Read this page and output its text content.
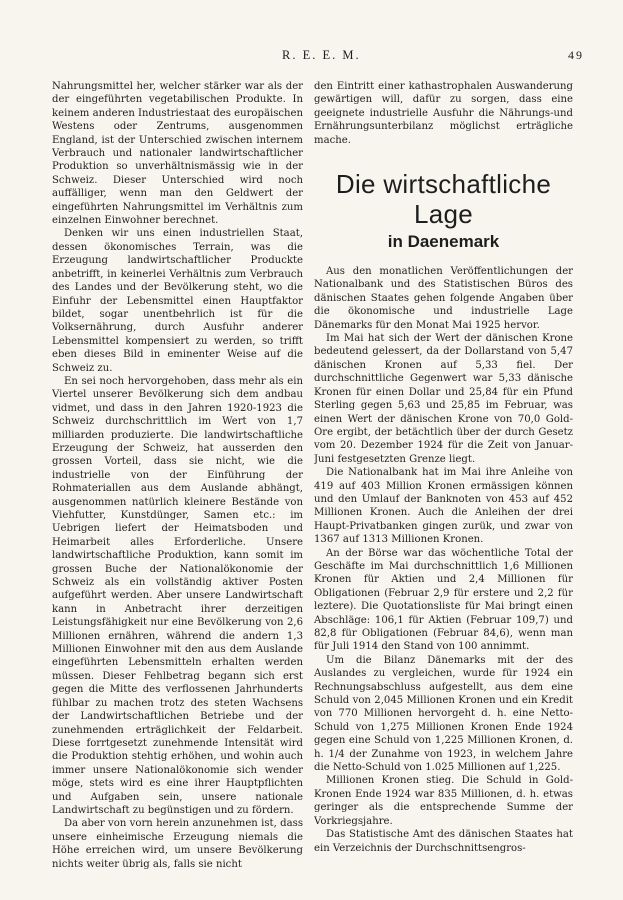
R. E. E. M.	49

Nahrungsmittel her, welcher stärker war als der der eingeführten vegetabilischen Produkte. In keinem anderen Industriestaat des europäischen Westens oder Zentrums, ausgenommen England, ist der Unterschied zwischen internem Verbrauch und nationaler landwirtschaftlicher Produktion so unverhältnismässig wie in der Schweiz. Dieser Unterschied wird noch auffälliger, wenn man den Geldwert der eingeführten Nahrungsmittel im Verhältnis zum einzelnen Einwohner berechnet.

Denken wir uns einen industriellen Staat, dessen ökonomisches Terrain, was die Erzeugung landwirtschaftlicher Produckte anbetrifft, in keinerlei Verhältnis zum Verbrauch des Landes und der Bevölkerung steht, wo die Einfuhr der Lebensmittel einen Hauptfaktor bildet, sogar unentbehrlich ist für die Volksernährung, durch Ausfuhr anderer Lebensmittel kompensiert zu werden, so trifft eben dieses Bild in eminenter Weise auf die Schweiz zu.

En sei noch hervorgehoben, dass mehr als ein Viertel unserer Bevölkerung sich dem andbau vidmet, und dass in den Jahren 1920-1923 die Schweiz durchschrittlich im Wert von 1,7 milliarden produzierte. Die landwirtschaftliche Erzeugung der Schweiz, hat ausserden den grossen Vorteil, dass sie nicht, wie die industrielle von der Einführung der Rohmateriallen aus dem Auslande abhängt, ausgenommen natürlich kleinere Bestände von Viehfutter, Kunstdünger, Samen etc.: im Uebrigen liefert der Heimatsboden und Heimarbeit alles Erforderliche. Unsere landwirtschaftliche Produktion, kann somit im grossen Buche der Nationalökonomie der Schweiz als ein vollständig aktiver Posten aufgeführt werden. Aber unsere Landwirtschaft kann in Anbetracht ihrer derzeitigen Leistungsfähigkeit nur eine Bevölkerung von 2,6 Millionen ernähren, während die andern 1,3 Millionen Einwohner mit den aus dem Auslande eingeführten Lebensmitteln erhalten werden müssen. Dieser Fehlbetrag begann sich erst gegen die Mitte des verflossenen Jahrhunderts fühlbar zu machen trotz des steten Wachsens der Landwirtschaftlichen Betriebe und der zunehmenden erträglichkeit der Feldarbeit. Diese forrtgesetzt zunehmende Intensität wird die Produktion stehtig erhöhen, und wohin auch immer unsere Nationalökonomie sich wender möge, stets wird es eine ihrer Hauptpflichten und Aufgaben sein, unsere nationale Landwirtschaft zu begünstigen und zu fördern.

Da aber von vorn herein anzunehmen ist, dass unsere einheimische Erzeugung niemals die Höhe erreichen wird, um unsere Bevölkerung nichts weiter übrig als, falls sie nicht

den Eintritt einer kathastrophalen Auswanderung gewärtigen will, dafür zu sorgen, dass eine geeignete industrielle Ausfuhr die Nährungs-und Ernährungsunterbilanz möglichst erträgliche mache.

Die wirtschaftliche Lage
in Daenemark

Aus den monatlichen Veröffentlichungen der Nationalbank und des Statistischen Büros des dänischen Staates gehen folgende Angaben über die ökonomische und industrielle Lage Dänemarks für den Monat Mai 1925 hervor.

Im Mai hat sich der Wert der dänischen Krone bedeutend gelessert, da der Dollarstand von 5,47 dänischen Kronen auf 5,33 fiel. Der durchschnittliche Gegenwert war 5,33 dänische Kronen für einen Dollar und 25,84 für ein Pfund Sterling gegen 5,63 und 25,85 im Februar, was einen Wert der dänischen Krone von 70,0 Gold-Ore ergibt, der betächtlich über der durch Gesetz vom 20. Dezember 1924 für die Zeit von Januar-Juni festgesetzten Grenze liegt.

Die Nationalbank hat im Mai ihre Anleihe von 419 auf 403 Million Kronen ermässigen können und den Umlauf der Banknoten von 453 auf 452 Millionen Kronen. Auch die Anleihen der drei Haupt-Privatbanken gingen zurük, und zwar von 1367 auf 1313 Millionen Kronen.

An der Börse war das wöchentliche Total der Geschäfte im Mai durchschnittlich 1,6 Millionen Kronen für Aktien und 2,4 Millionen für Obligationen (Februar 2,9 für erstere und 2,2 für leztere). Die Quotationsliste für Mai bringt einen Abschläge: 106,1 für Aktien (Februar 109,7) und 82,8 für Obligationen (Februar 84,6), wenn man für Juli 1914 den Stand von 100 annimmt.

Um die Bilanz Dänemarks mit der des Auslandes zu vergleichen, wurde für 1924 ein Rechnungsabschluss aufgestellt, aus dem eine Schuld von 2,045 Millionen Kronen und ein Kredit von 770 Millionen hervorgeht d. h. eine Netto-Schuld von 1,275 Millionen Kronen Ende 1924 gegen eine Schuld von 1,225 Millionen Kronen, d. h. 1/4 der Zunahme von 1923, in welchem Jahre die Netto-Schuld von 1.025 Millionen auf 1,225.

Millionen Kronen stieg. Die Schuld in Gold-Kronen Ende 1924 war 835 Millionen, d. h. etwas geringer als die entsprechende Summe der Vorkriegsjahre.

Das Statistische Amt des dänischen Staates hat ein Verzeichnis der Durchschnittsengros-
